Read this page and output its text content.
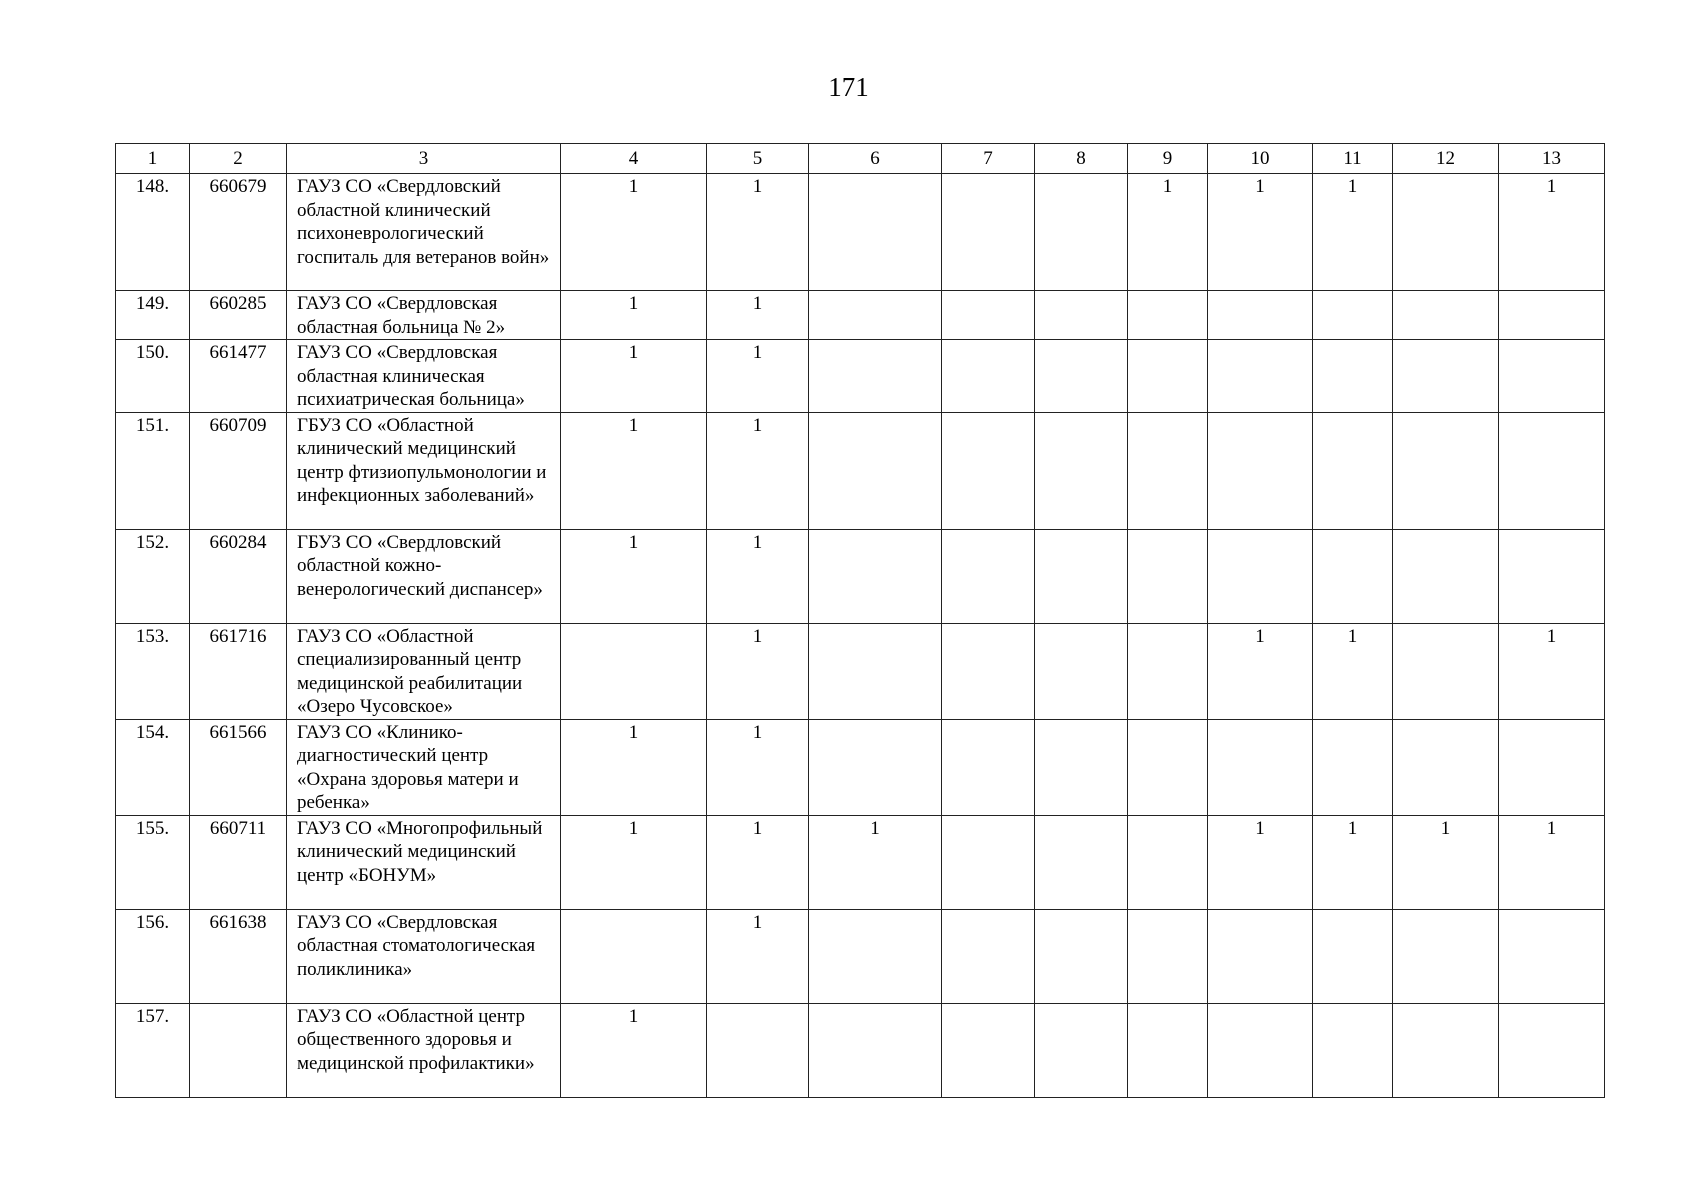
171
1	2	3	4	5	6	7	8	9	10	11	12	13
148.	660679	ГАУЗ СО «Свердловский областной клинический психоневрологический госпиталь для ветеранов войн»	1	1				1	1	1		1
149.	660285	ГАУЗ СО «Свердловская областная больница № 2»	1	1								
150.	661477	ГАУЗ СО «Свердловская областная клиническая психиатрическая больница»	1	1								
151.	660709	ГБУЗ СО «Областной клинический медицинский центр фтизиопульмонологии и инфекционных заболеваний»	1	1								
152.	660284	ГБУЗ СО «Свердловский областной кожно-венерологический диспансер»	1	1								
153.	661716	ГАУЗ СО «Областной специализированный центр медицинской реабилитации «Озеро Чусовское»		1					1	1		1
154.	661566	ГАУЗ СО «Клинико-диагностический центр «Охрана здоровья матери и ребенка»	1	1								
155.	660711	ГАУЗ СО «Многопрофильный клинический медицинский центр «БОНУМ»	1	1	1				1	1	1	1
156.	661638	ГАУЗ СО «Свердловская областная стоматологическая поликлиника»		1								
157.		ГАУЗ СО «Областной центр общественного здоровья и медицинской профилактики»	1									
